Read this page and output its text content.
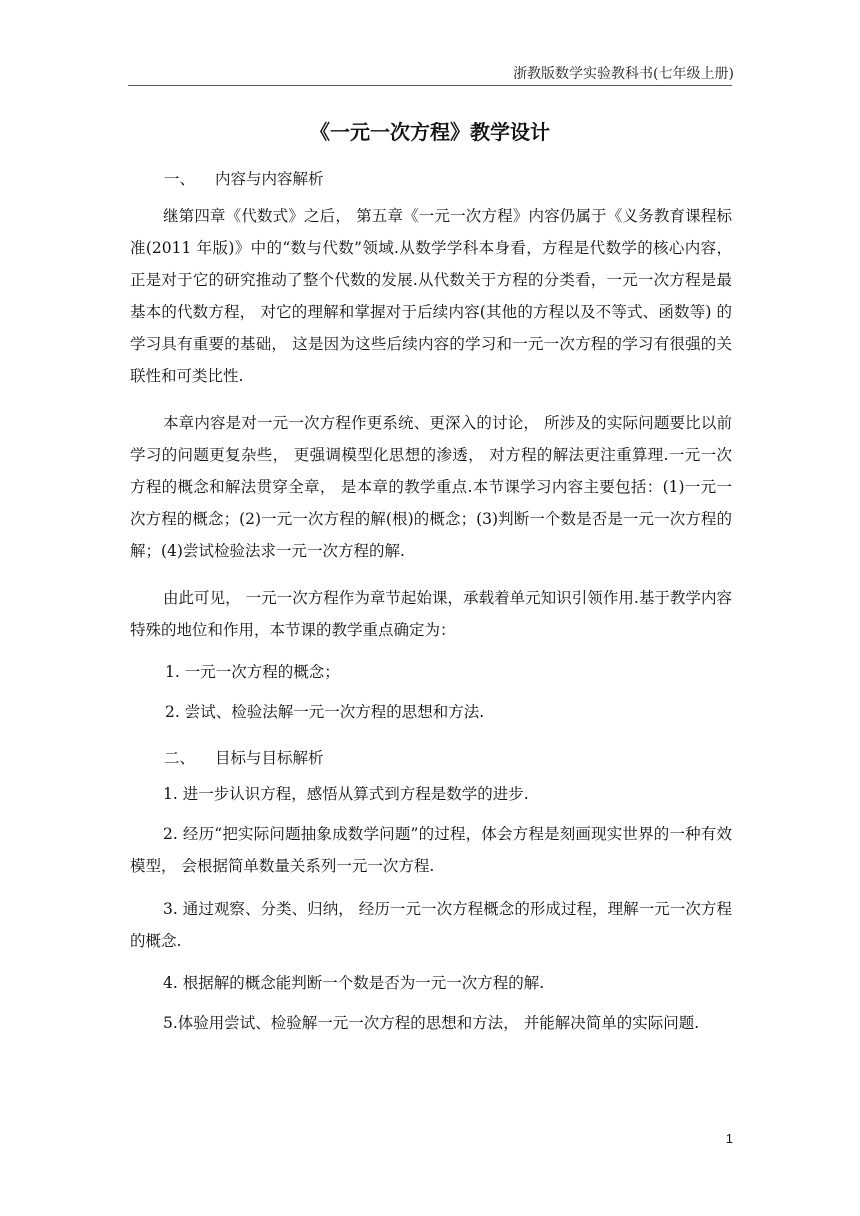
浙教版数学实验教科书(七年级上册)
《一元一次方程》教学设计
一、 内容与内容解析

继第四章《代数式》之后， 第五章《一元一次方程》内容仍属于《义务教育课程标准(2011 年版)》中的“数与代数”领域.从数学学科本身看，方程是代数学的核心内容， 正是对于它的研究推动了整个代数的发展.从代数关于方程的分类看，一元一次方程是最基本的代数方程， 对它的理解和掌握对于后续内容(其他的方程以及不等式、函数等) 的学习具有重要的基础， 这是因为这些后续内容的学习和一元一次方程的学习有很强的关联性和可类比性.

本章内容是对一元一次方程作更系统、更深入的讨论， 所涉及的实际问题要比以前学习的问题更复杂些， 更强调模型化思想的渗透， 对方程的解法更注重算理.一元一次方程的概念和解法贯穿全章， 是本章的教学重点.本节课学习内容主要包括：(1)一元一次方程的概念；(2)一元一次方程的解(根)的概念；(3)判断一个数是否是一元一次方程的解；(4)尝试检验法求一元一次方程的解.

由此可见， 一元一次方程作为章节起始课，承载着单元知识引领作用.基于教学内容特殊的地位和作用，本节课的教学重点确定为：

1. 一元一次方程的概念；
2. 尝试、检验法解一元一次方程的思想和方法.
二、 目标与目标解析

1. 进一步认识方程，感悟从算式到方程是数学的进步.

2. 经历“把实际问题抽象成数学问题”的过程，体会方程是刻画现实世界的一种有效模型， 会根据简单数量关系列一元一次方程.

3. 通过观察、分类、归纳， 经历一元一次方程概念的形成过程，理解一元一次方程的概念.

4. 根据解的概念能判断一个数是否为一元一次方程的解.

5.体验用尝试、检验解一元一次方程的思想和方法， 并能解决简单的实际问题.

1
